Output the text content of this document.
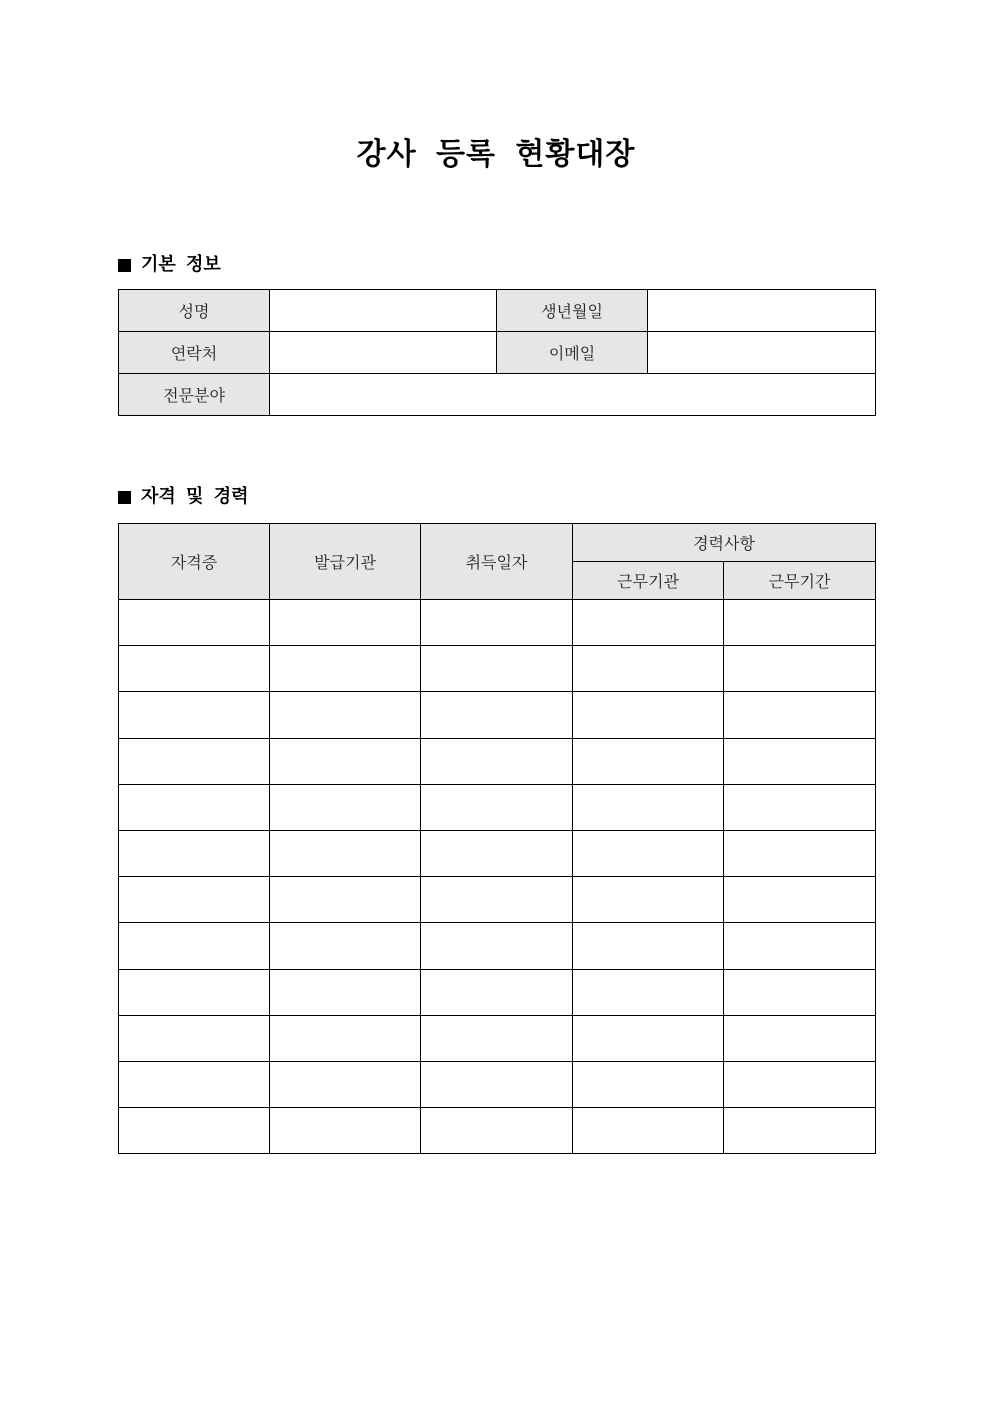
강사 등록 현황대장
기본 정보
성명		생년월일	
연락처		이메일	
전문분야			
자격 및 경력
자격증	발급기관	취득일자	경력사항	
			근무기관	근무기간
